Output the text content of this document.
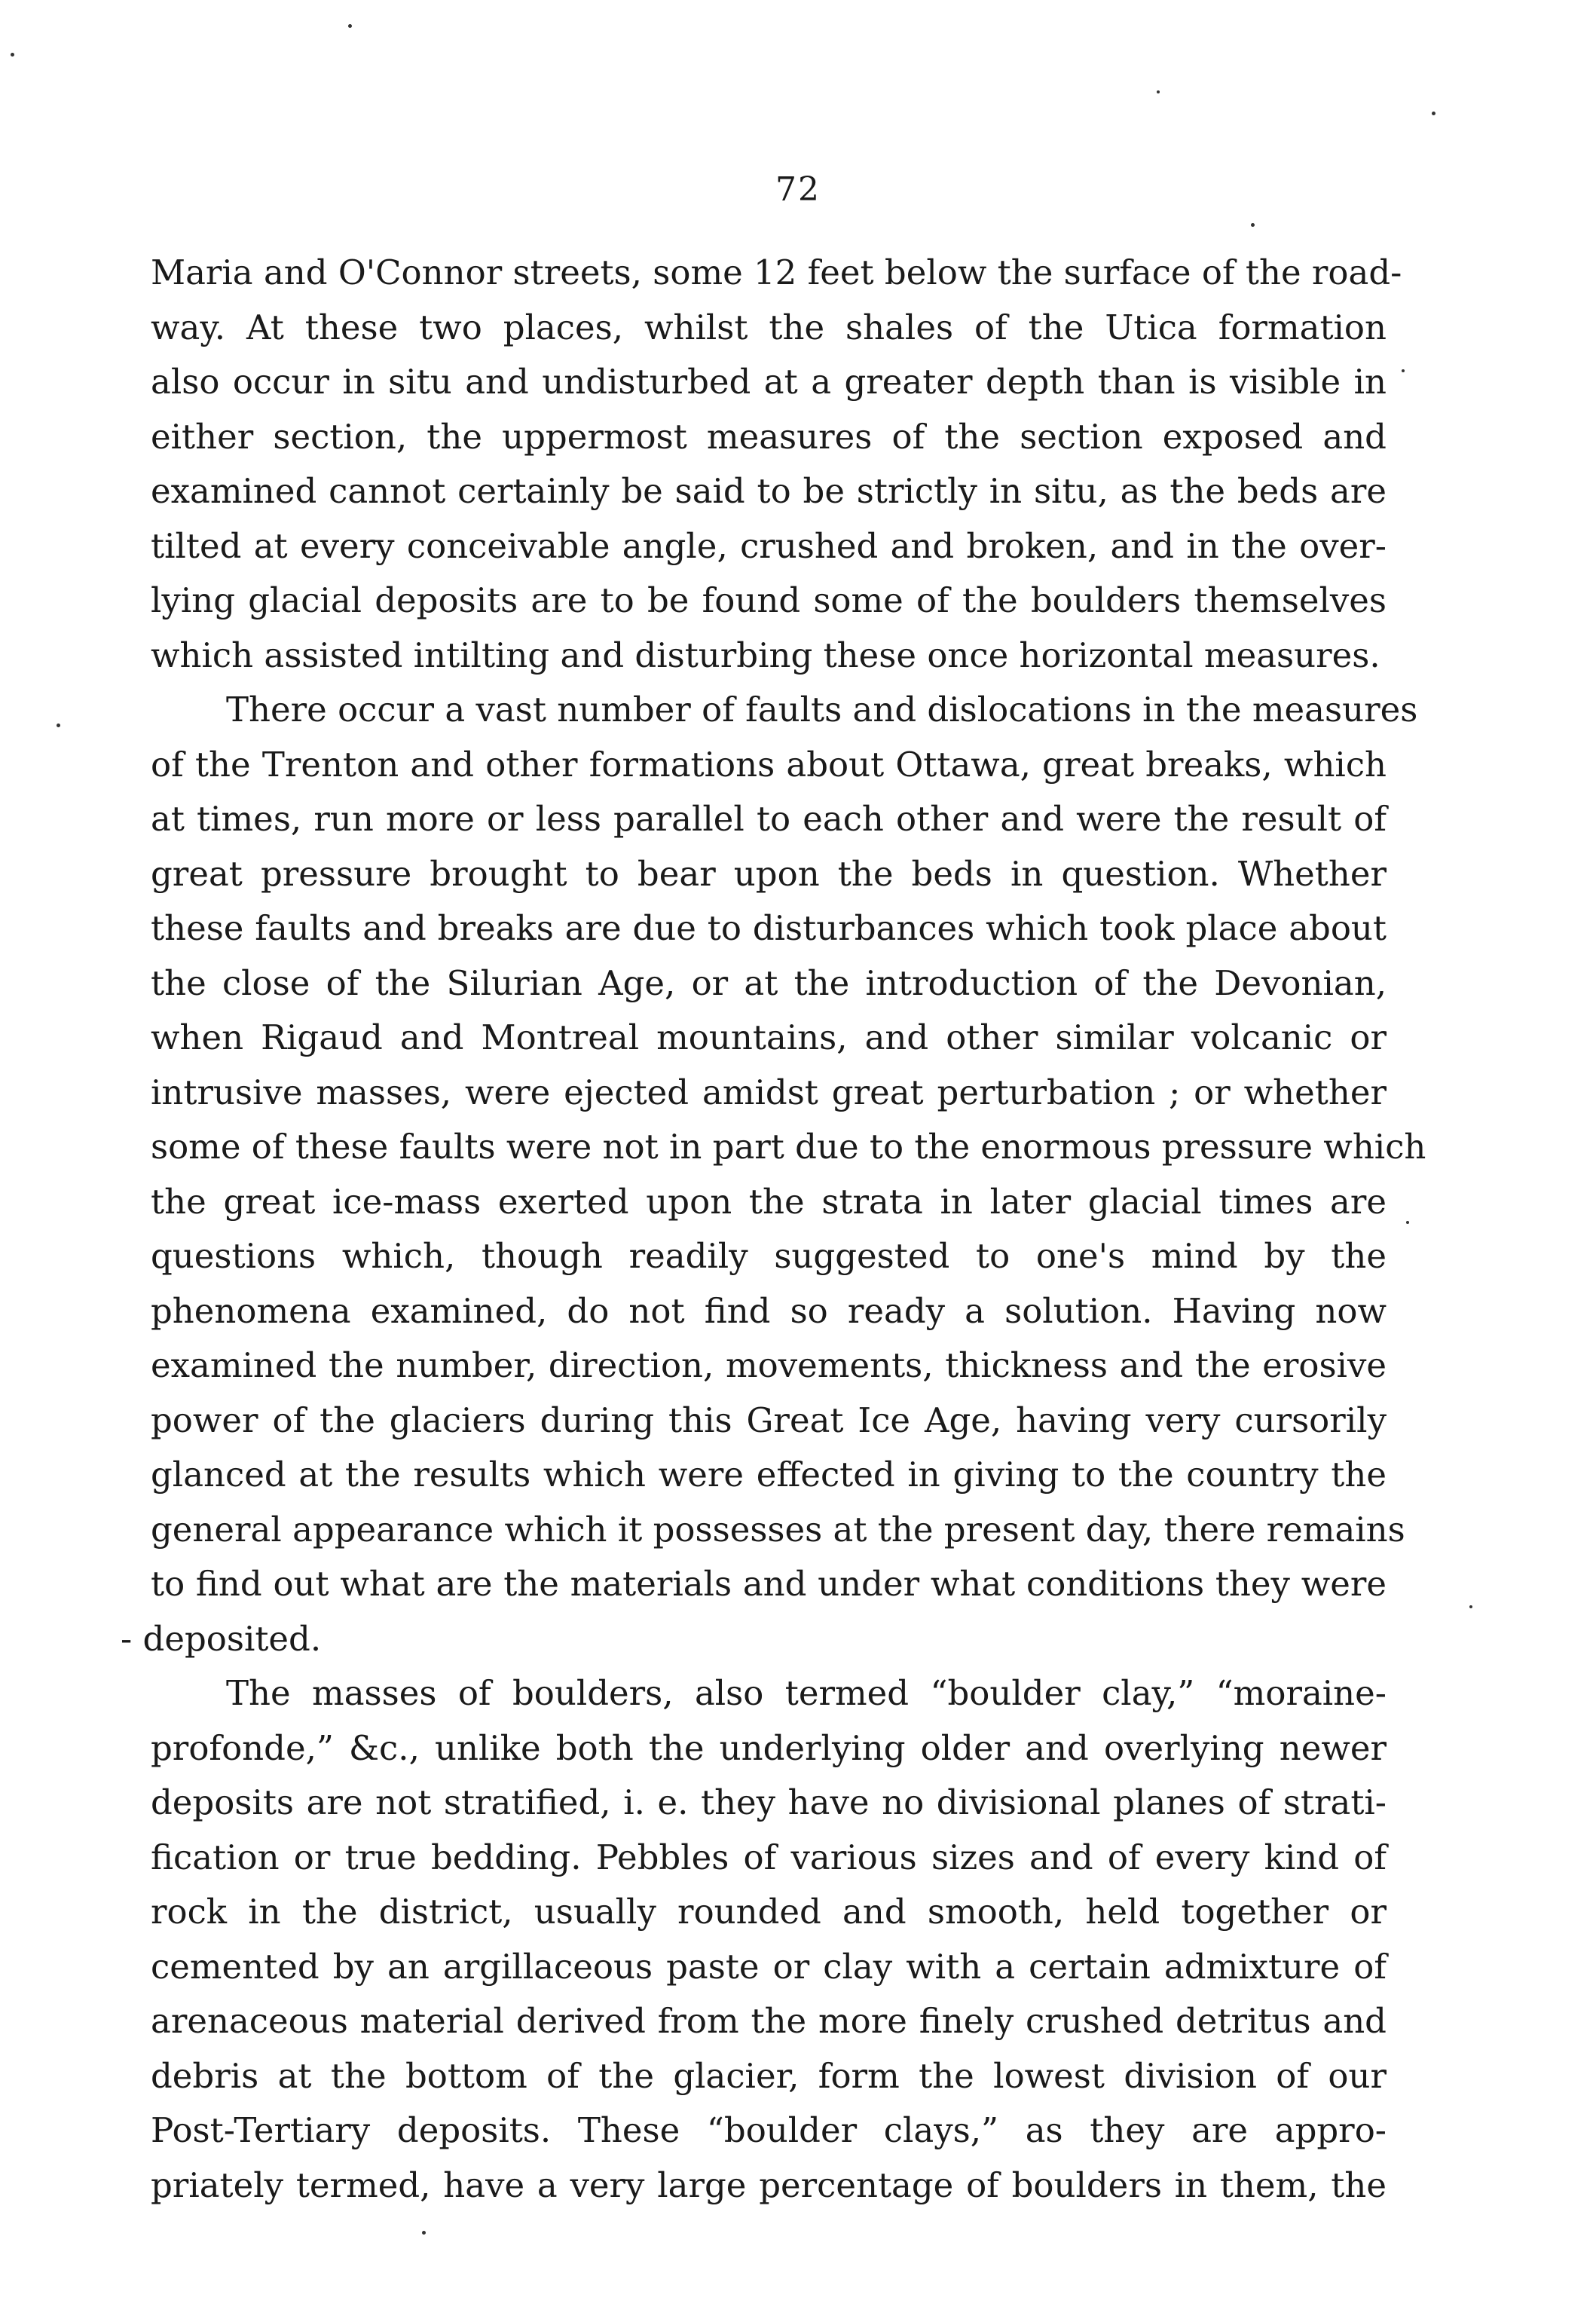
72
Maria and O'Connor streets, some 12 feet below the surface of the road-
way. At these two places, whilst the shales of the Utica formation
also occur in situ and undisturbed at a greater depth than is visible in
either section, the uppermost measures of the section exposed and
examined cannot certainly be said to be strictly in situ, as the beds are
tilted at every conceivable angle, crushed and broken, and in the over-
lying glacial deposits are to be found some of the boulders themselves
which assisted intilting and disturbing these once horizontal measures.
There occur a vast number of faults and dislocations in the measures
of the Trenton and other formations about Ottawa, great breaks, which
at times, run more or less parallel to each other and were the result of
great pressure brought to bear upon the beds in question. Whether
these faults and breaks are due to disturbances which took place about
the close of the Silurian Age, or at the introduction of the Devonian,
when Rigaud and Montreal mountains, and other similar volcanic or
intrusive masses, were ejected amidst great perturbation ; or whether
some of these faults were not in part due to the enormous pressure which
the great ice-mass exerted upon the strata in later glacial times are
questions which, though readily suggested to one's mind by the
phenomena examined, do not find so ready a solution. Having now
examined the number, direction, movements, thickness and the erosive
power of the glaciers during this Great Ice Age, having very cursorily
glanced at the results which were effected in giving to the country the
general appearance which it possesses at the present day, there remains
to find out what are the materials and under what conditions they were
- deposited.
The masses of boulders, also termed “boulder clay,” “moraine-
profonde,” &c., unlike both the underlying older and overlying newer
deposits are not stratified, i. e. they have no divisional planes of strati-
fication or true bedding. Pebbles of various sizes and of every kind of
rock in the district, usually rounded and smooth, held together or
cemented by an argillaceous paste or clay with a certain admixture of
arenaceous material derived from the more finely crushed detritus and
debris at the bottom of the glacier, form the lowest division of our
Post-Tertiary deposits. These “boulder clays,” as they are appro-
priately termed, have a very large percentage of boulders in them, the
